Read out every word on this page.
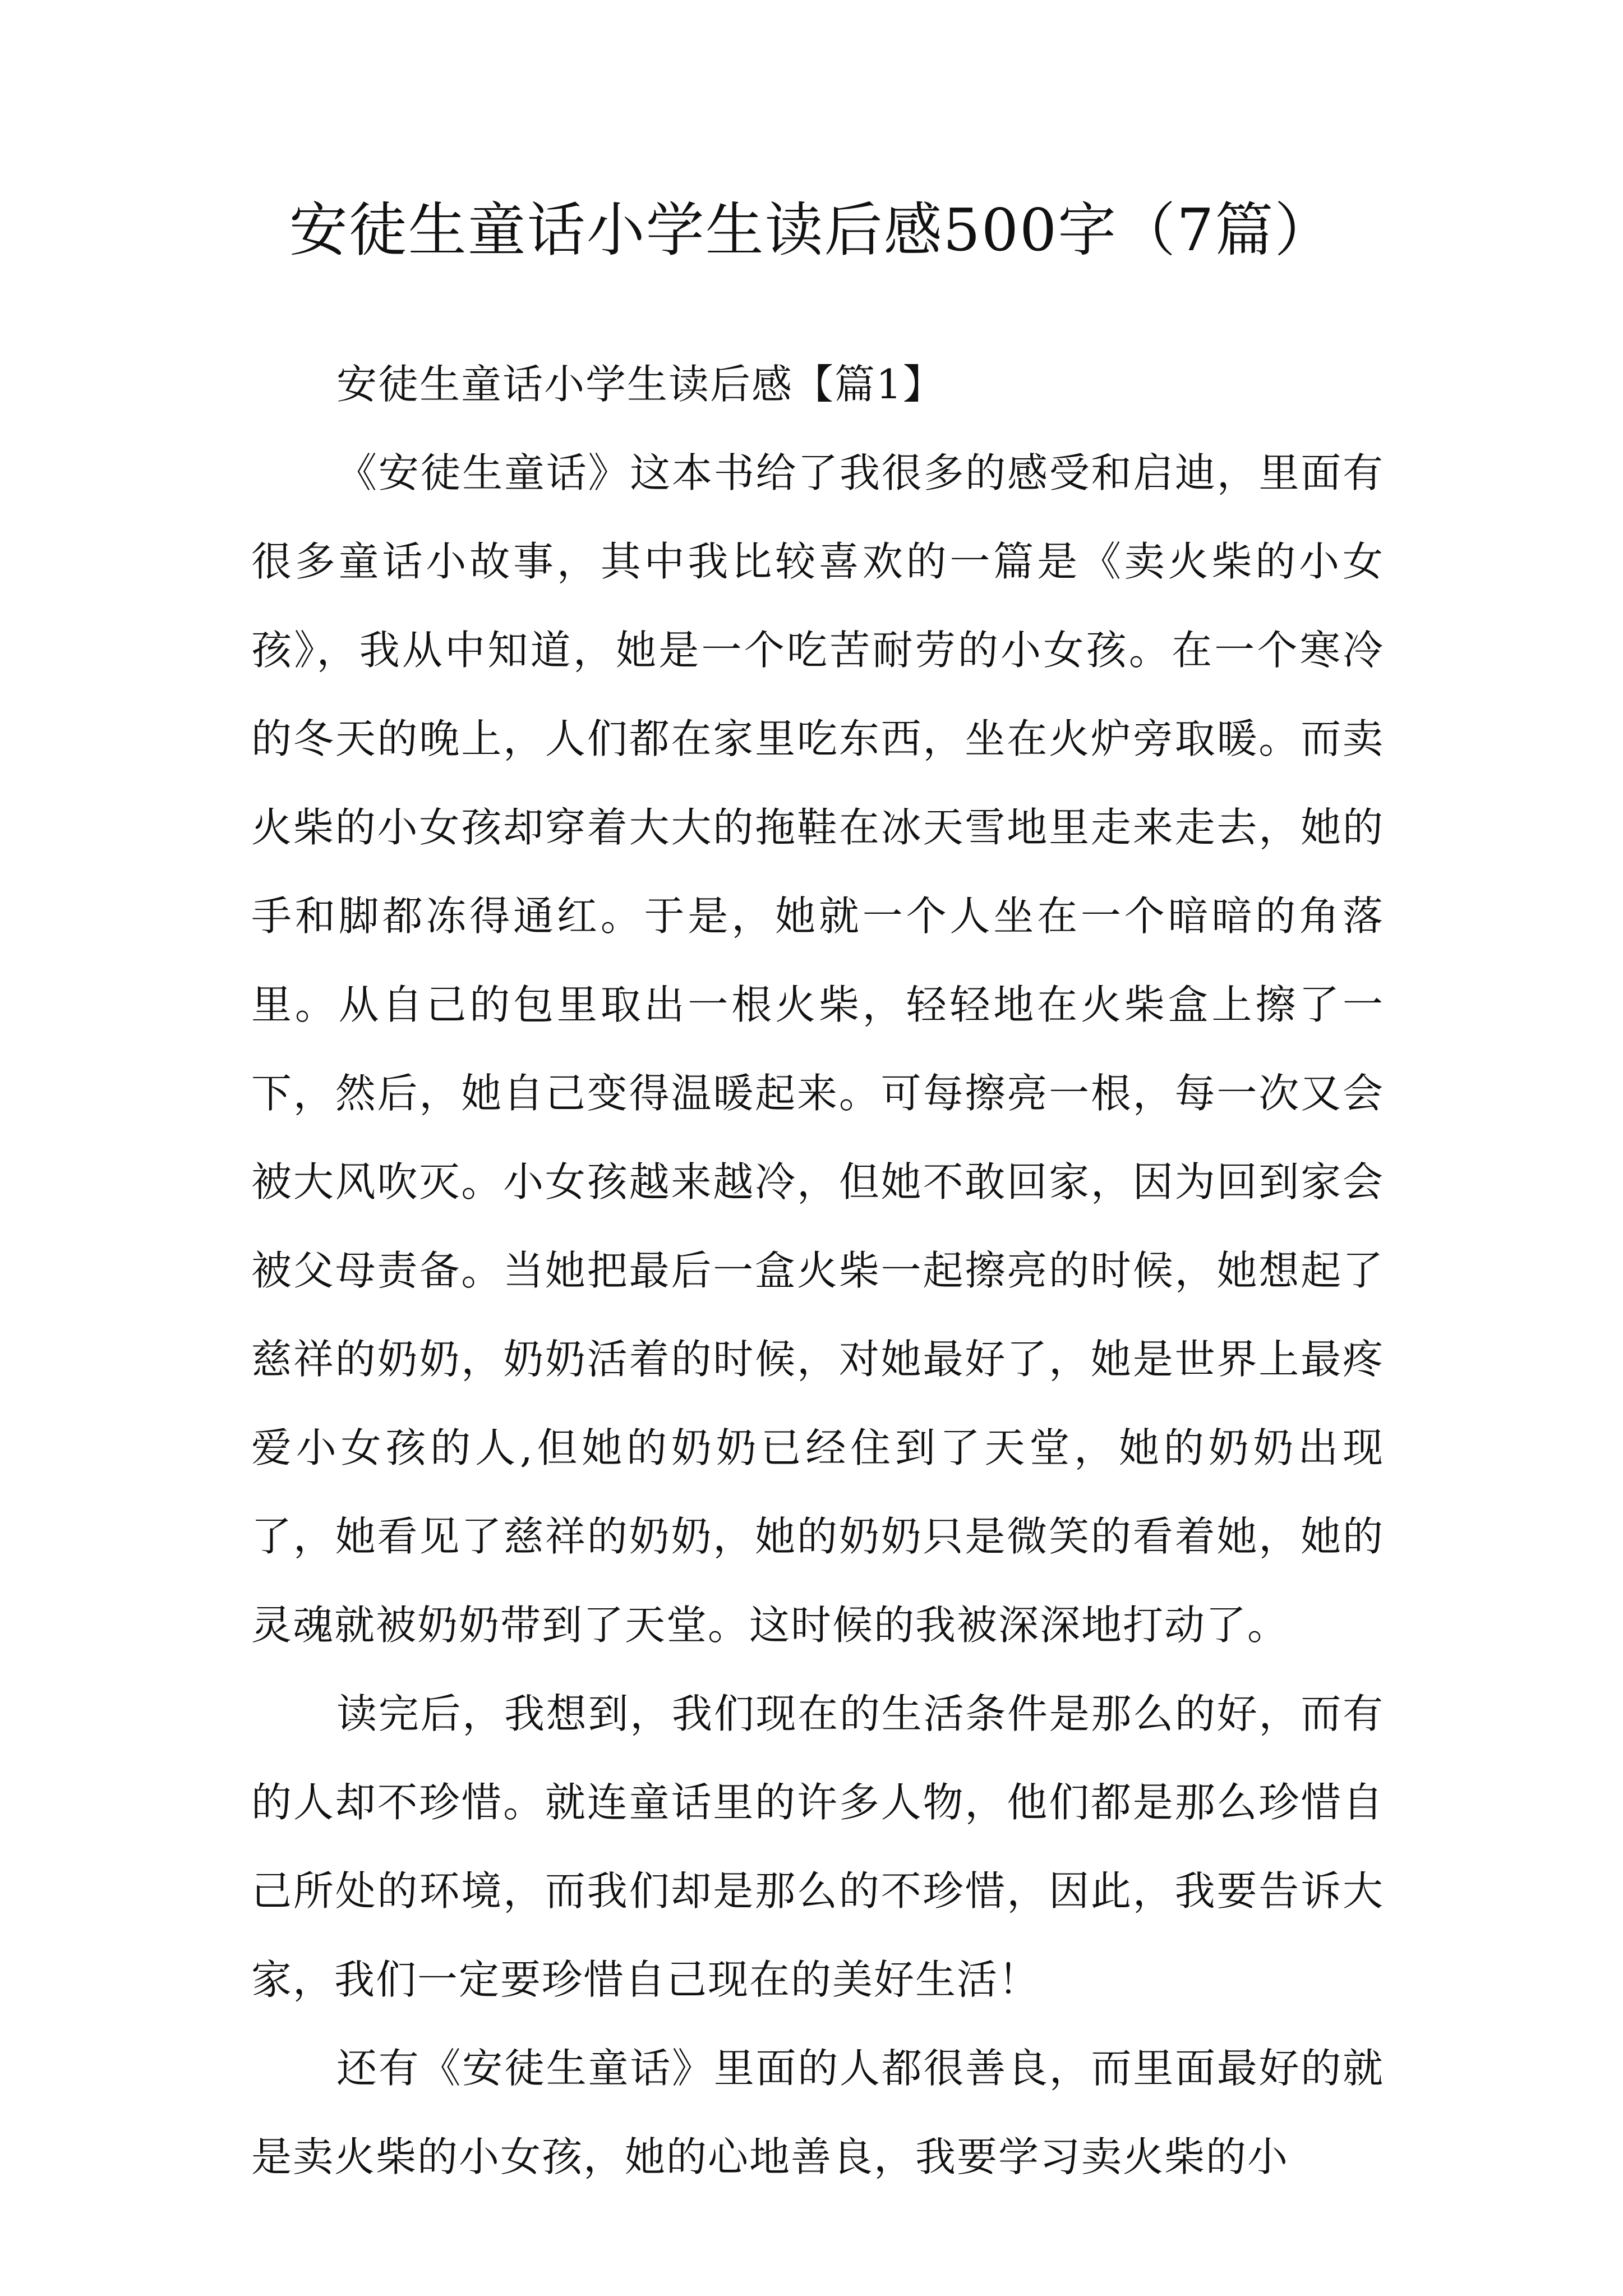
安徒生童话小学生读后感500字（7篇）
安徒生童话小学生读后感【篇1】

《安徒生童话》这本书给了我很多的感受和启迪，里面有很多童话小故事，其中我比较喜欢的一篇是《卖火柴的小女孩》，我从中知道，她是一个吃苦耐劳的小女孩。在一个寒冷的冬天的晚上，人们都在家里吃东西，坐在火炉旁取暖。而卖火柴的小女孩却穿着大大的拖鞋在冰天雪地里走来走去，她的手和脚都冻得通红。于是，她就一个人坐在一个暗暗的角落里。从自己的包里取出一根火柴，轻轻地在火柴盒上擦了一下，然后，她自己变得温暖起来。可每擦亮一根，每一次又会被大风吹灭。小女孩越来越冷，但她不敢回家，因为回到家会被父母责备。当她把最后一盒火柴一起擦亮的时候，她想起了慈祥的奶奶，奶奶活着的时候，对她最好了，她是世界上最疼爱小女孩的人,但她的奶奶已经住到了天堂，她的奶奶出现了，她看见了慈祥的奶奶，她的奶奶只是微笑的看着她，她的灵魂就被奶奶带到了天堂。这时候的我被深深地打动了。

读完后，我想到，我们现在的生活条件是那么的好，而有的人却不珍惜。就连童话里的许多人物，他们都是那么珍惜自己所处的环境，而我们却是那么的不珍惜，因此，我要告诉大家，我们一定要珍惜自己现在的美好生活！

还有《安徒生童话》里面的人都很善良，而里面最好的就是卖火柴的小女孩，她的心地善良，我要学习卖火柴的小
